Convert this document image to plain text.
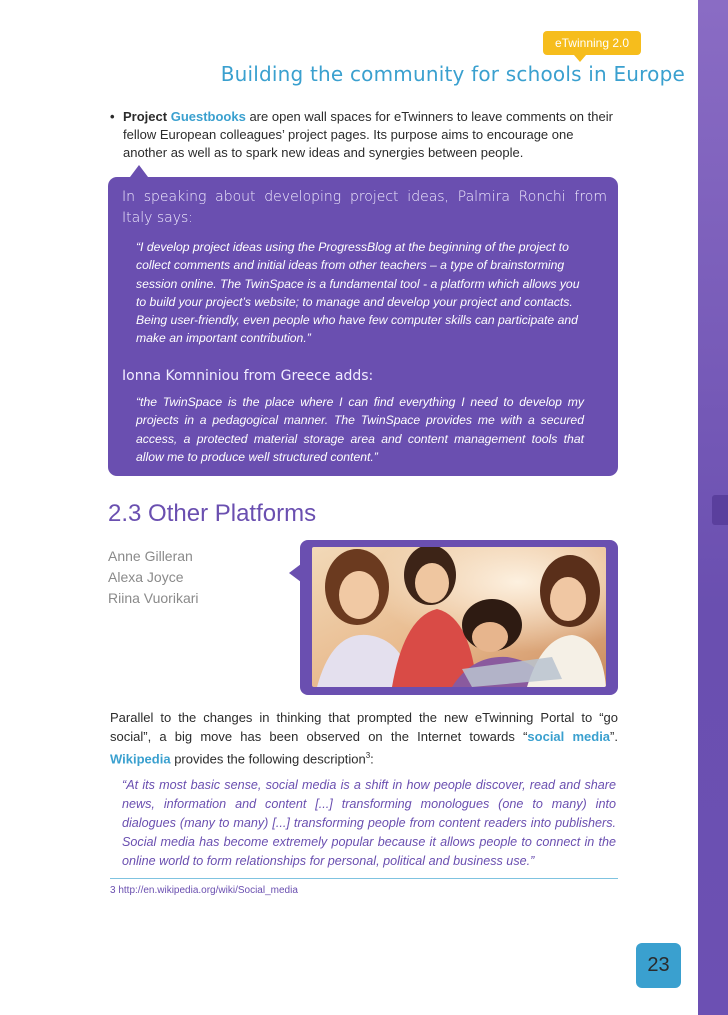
eTwinning 2.0
Building the community for schools in Europe
• Project Guestbooks are open wall spaces for eTwinners to leave comments on their fellow European colleagues’ project pages. Its purpose aims to encourage one another as well as to spark new ideas and synergies between people.
In speaking about developing project ideas, Palmira Ronchi from Italy says:
“I develop project ideas using the ProgressBlog at the beginning of the project to collect comments and initial ideas from other teachers – a type of brainstorming session online. The TwinSpace is a fundamental tool - a platform which allows you to build your project’s website; to manage and develop your project and contacts. Being user-friendly, even people who have few computer skills can participate and make an important contribution.”
Ionna Komniniou from Greece adds:
“the TwinSpace is the place where I can find everything I need to develop my projects in a pedagogical manner. The TwinSpace provides me with a secured access, a protected material storage area and content management tools that allow me to produce well structured content.”
2.3 Other Platforms
Anne Gilleran
Alexa Joyce
Riina Vuorikari
Parallel to the changes in thinking that prompted the new eTwinning Portal to “go social”, a big move has been observed on the Internet towards “social media”. Wikipedia provides the following description$^3$:
“At its most basic sense, social media is a shift in how people discover, read and share news, information and content [...] transforming monologues (one to many) into dialogues (many to many) [...] transforming people from content readers into publishers. Social media has become extremely popular because it allows people to connect in the online world to form relationships for personal, political and business use.”
3 http://en.wikipedia.org/wiki/Social_media
23
